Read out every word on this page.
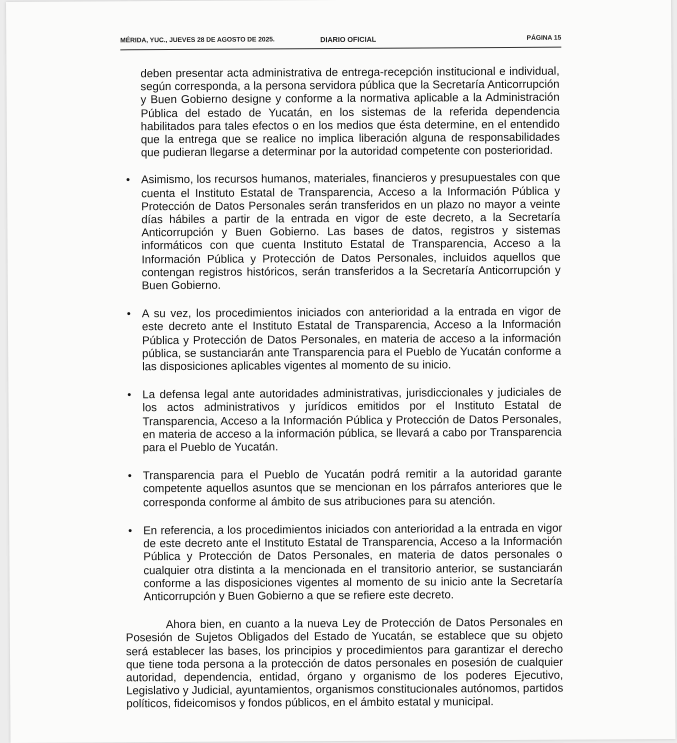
MÉRIDA, YUC., JUEVES 28 DE AGOSTO DE 2025.	DIARIO OFICIAL	PÁGINA 15

deben presentar acta administrativa de entrega-recepción institucional e individual, según corresponda, a la persona servidora pública que la Secretaría Anticorrupción y Buen Gobierno designe y conforme a la normativa aplicable a la Administración Pública del estado de Yucatán, en los sistemas de la referida dependencia habilitados para tales efectos o en los medios que ésta determine, en el entendido que la entrega que se realice no implica liberación alguna de responsabilidades que pudieran llegarse a determinar por la autoridad competente con posterioridad.

• Asimismo, los recursos humanos, materiales, financieros y presupuestales con que cuenta el Instituto Estatal de Transparencia, Acceso a la Información Pública y Protección de Datos Personales serán transferidos en un plazo no mayor a veinte días hábiles a partir de la entrada en vigor de este decreto, a la Secretaría Anticorrupción y Buen Gobierno. Las bases de datos, registros y sistemas informáticos con que cuenta Instituto Estatal de Transparencia, Acceso a la Información Pública y Protección de Datos Personales, incluidos aquellos que contengan registros históricos, serán transferidos a la Secretaría Anticorrupción y Buen Gobierno.
• A su vez, los procedimientos iniciados con anterioridad a la entrada en vigor de este decreto ante el Instituto Estatal de Transparencia, Acceso a la Información Pública y Protección de Datos Personales, en materia de acceso a la información pública, se sustanciarán ante Transparencia para el Pueblo de Yucatán conforme a las disposiciones aplicables vigentes al momento de su inicio.
• La defensa legal ante autoridades administrativas, jurisdiccionales y judiciales de los actos administrativos y jurídicos emitidos por el Instituto Estatal de Transparencia, Acceso a la Información Pública y Protección de Datos Personales, en materia de acceso a la información pública, se llevará a cabo por Transparencia para el Pueblo de Yucatán.
• Transparencia para el Pueblo de Yucatán podrá remitir a la autoridad garante competente aquellos asuntos que se mencionan en los párrafos anteriores que le corresponda conforme al ámbito de sus atribuciones para su atención.
• En referencia, a los procedimientos iniciados con anterioridad a la entrada en vigor de este decreto ante el Instituto Estatal de Transparencia, Acceso a la Información Pública y Protección de Datos Personales, en materia de datos personales o cualquier otra distinta a la mencionada en el transitorio anterior, se sustanciarán conforme a las disposiciones vigentes al momento de su inicio ante la Secretaría Anticorrupción y Buen Gobierno a que se refiere este decreto.

Ahora bien, en cuanto a la nueva Ley de Protección de Datos Personales en Posesión de Sujetos Obligados del Estado de Yucatán, se establece que su objeto será establecer las bases, los principios y procedimientos para garantizar el derecho que tiene toda persona a la protección de datos personales en posesión de cualquier autoridad, dependencia, entidad, órgano y organismo de los poderes Ejecutivo, Legislativo y Judicial, ayuntamientos, organismos constitucionales autónomos, partidos políticos, fideicomisos y fondos públicos, en el ámbito estatal y municipal.
